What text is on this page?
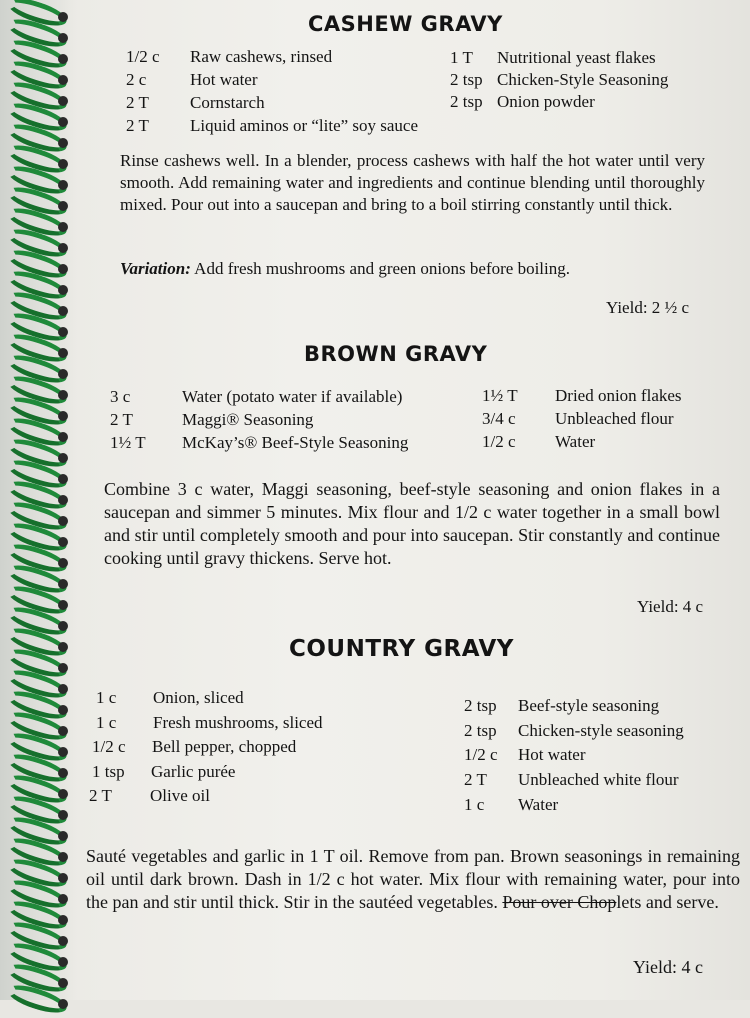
CASHEW GRAVY
1/2 c Raw cashews, rinsed
2 c	Hot water
2 T Cornstarch
2 T Liquid aminos or “lite” soy sauce
1 T Nutritional yeast flakes
2 tsp Chicken-Style Seasoning
2 tsp Onion powder
Rinse cashews well. In a blender, process cashews with half the hot water until very smooth. Add remaining water and ingredients and continue blending until thoroughly mixed. Pour out into a saucepan and bring to a boil stirring constantly until thick.
Variation: Add fresh mushrooms and green onions before boiling.
Yield: 2 ½ c
BROWN GRAVY
3 c	Water (potato water if available)
2 T	Maggi® Seasoning
1½ T McKay’s® Beef-Style Seasoning
1½ T Dried onion flakes
3/4 c Unbleached flour
1/2 c Water
Combine 3 c water, Maggi seasoning, beef-style seasoning and onion flakes in a saucepan and simmer 5 minutes. Mix flour and 1/2 c water together in a small bowl and stir until completely smooth and pour into saucepan. Stir constantly and continue cooking until gravy thickens. Serve hot.
Yield: 4 c
COUNTRY GRAVY
1 c Onion, sliced
1 c Fresh mushrooms, sliced
1/2 c Bell pepper, chopped
1 tsp Garlic purée
2 T Olive oil
2 tsp Beef-style seasoning
2 tsp Chicken-style seasoning
1/2 c Hot water
2 T Unbleached white flour
1 c Water
Sauté vegetables and garlic in 1 T oil. Remove from pan. Brown seasonings in remaining oil until dark brown. Dash in 1/2 c hot water. Mix flour with remaining water, pour into the pan and stir until thick. Stir in the sautéed vegetables. Pour over Choplets and serve.
Yield: 4 c
